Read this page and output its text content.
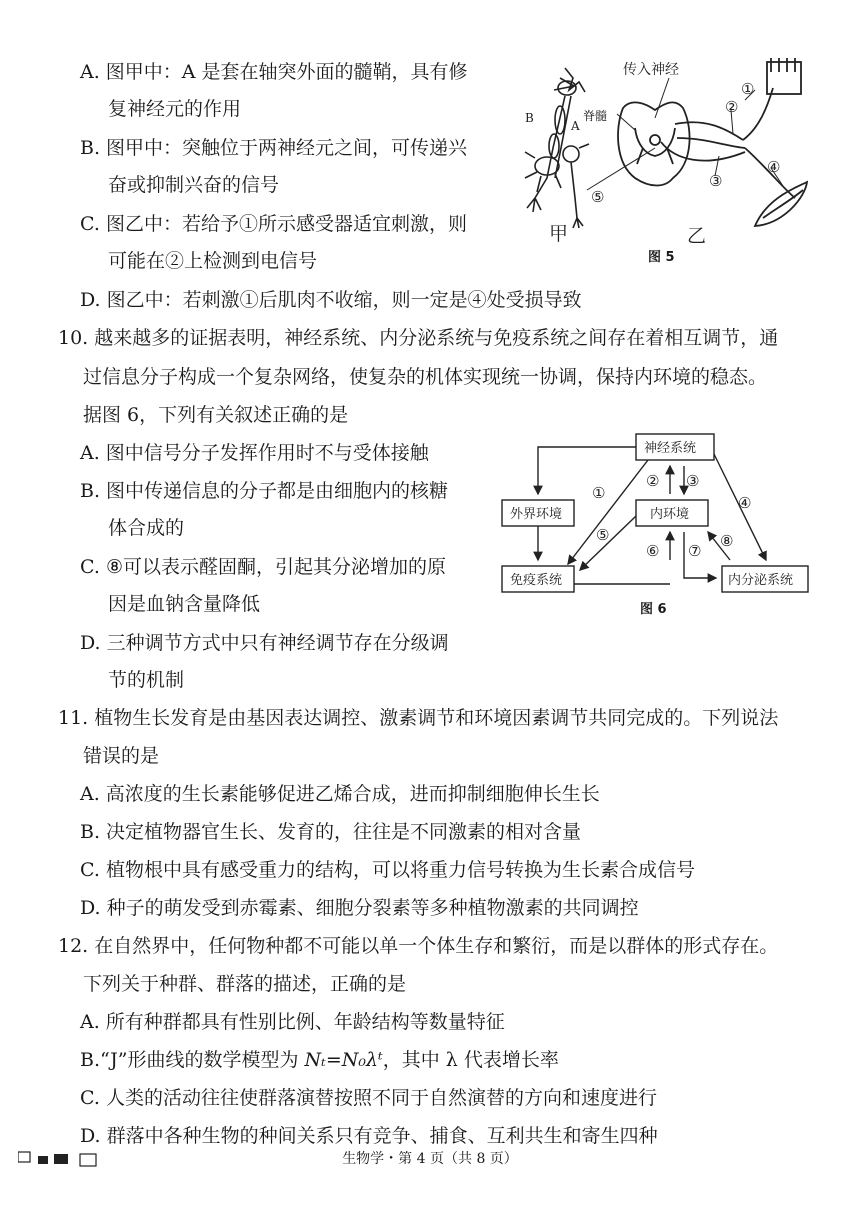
A. 图甲中：A 是套在轴突外面的髓鞘，具有修
复神经元的作用
B. 图甲中：突触位于两神经元之间，可传递兴
奋或抑制兴奋的信号
C. 图乙中：若给予①所示感受器适宜刺激，则
可能在②上检测到电信号
D. 图乙中：若刺激①后肌肉不收缩，则一定是④处受损导致
B
A
传入神经
脊髓
①
②
③
④
⑤
甲	乙
图 5
10. 越来越多的证据表明，神经系统、内分泌系统与免疫系统之间存在着相互调节，通
过信息分子构成一个复杂网络，使复杂的机体实现统一协调，保持内环境的稳态。
据图 6，下列有关叙述正确的是
A. 图中信号分子发挥作用时不与受体接触
B. 图中传递信息的分子都是由细胞内的核糖
体合成的
C. ⑧可以表示醛固酮，引起其分泌增加的原
因是血钠含量降低
D. 三种调节方式中只有神经调节存在分级调
节的机制
神经系统
外界环境	内环境
免疫系统	内分泌系统
①
② ③
④
⑤
⑥ ⑦
⑧
图 6
11. 植物生长发育是由基因表达调控、激素调节和环境因素调节共同完成的。下列说法
错误的是
A. 高浓度的生长素能够促进乙烯合成，进而抑制细胞伸长生长
B. 决定植物器官生长、发育的，往往是不同激素的相对含量
C. 植物根中具有感受重力的结构，可以将重力信号转换为生长素合成信号
D. 种子的萌发受到赤霉素、细胞分裂素等多种植物激素的共同调控
12. 在自然界中，任何物种都不可能以单一个体生存和繁衍，而是以群体的形式存在。
下列关于种群、群落的描述，正确的是
A. 所有种群都具有性别比例、年龄结构等数量特征
B.“J”形曲线的数学模型为 Nₜ=N₀λᵗ，其中 λ 代表增长率
C. 人类的活动往往使群落演替按照不同于自然演替的方向和速度进行
D. 群落中各种生物的种间关系只有竞争、捕食、互利共生和寄生四种
生物学・第 4 页（共 8 页）
